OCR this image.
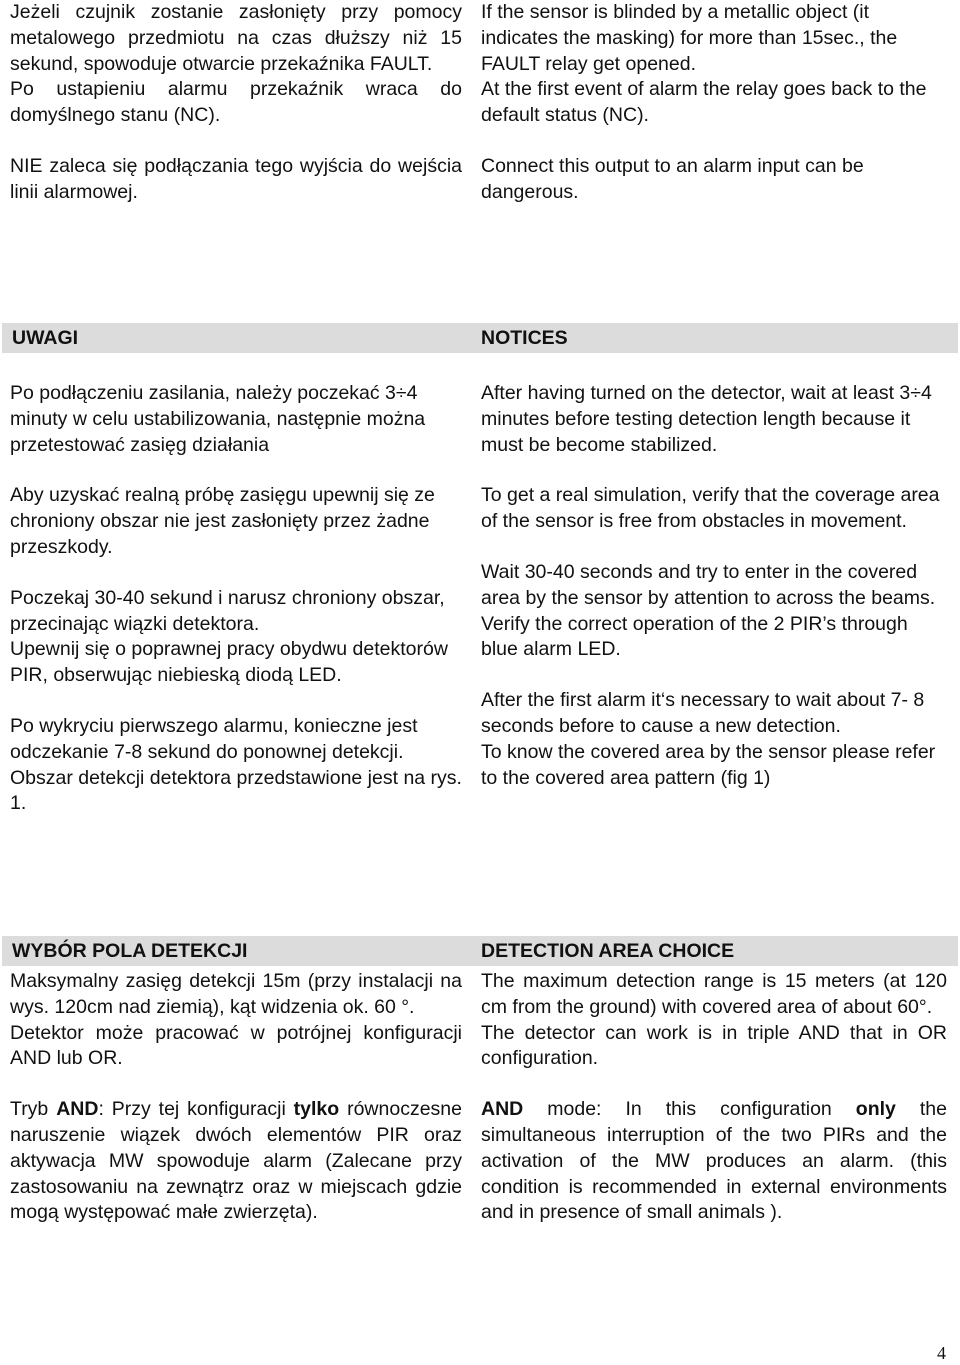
Jeżeli czujnik zostanie zasłonięty przy pomocy metalowego przedmiotu na czas dłuższy niż 15 sekund, spowoduje otwarcie przekaźnika FAULT.

Po ustapieniu alarmu przekaźnik wraca do domyślnego stanu (NC).

NIE zaleca się podłączania tego wyjścia do wejścia linii alarmowej.

If the sensor is blinded by a metallic object (it indicates the masking) for more than 15sec., the FAULT relay get opened.

At the first event of alarm the relay goes back to the default status (NC).

Connect this output to an alarm input can be dangerous.

UWAGI	NOTICES

Po podłączeniu zasilania, należy poczekać 3÷4 minuty w celu ustabilizowania, następnie można przetestować zasięg działania

Aby uzyskać realną próbę zasięgu upewnij się ze chroniony obszar nie jest zasłonięty przez żadne przeszkody.

Poczekaj 30-40 sekund i narusz chroniony obszar, przecinając wiązki detektora.

Upewnij się o poprawnej pracy obydwu detektorów PIR, obserwując niebieską diodą LED.

Po wykryciu pierwszego alarmu, konieczne jest odczekanie 7-8 sekund do ponownej detekcji.

Obszar detekcji detektora przedstawione jest na rys. 1.

After having turned on the detector, wait at least 3÷4 minutes before testing detection length because it must be become stabilized.

To get a real simulation, verify that the coverage area of the sensor is free from obstacles in movement.

Wait 30-40 seconds and try to enter in the covered area by the sensor by attention to across the beams.

Verify the correct operation of the 2 PIR’s through blue alarm LED.

After the first alarm it‘s necessary to wait about 7- 8 seconds before to cause a new detection.

To know the covered area by the sensor please refer to the covered area pattern (fig 1)

WYBÓR POLA DETEKCJI	DETECTION AREA CHOICE

Maksymalny zasięg detekcji 15m (przy instalacji na wys. 120cm nad ziemią), kąt widzenia ok. 60 °.

Detektor może pracować w potrójnej konfiguracji AND lub OR.

Tryb AND: Przy tej konfiguracji tylko równoczesne naruszenie wiązek dwóch elementów PIR oraz aktywacja MW spowoduje alarm (Zalecane przy zastosowaniu na zewnątrz oraz w miejscach gdzie mogą występować małe zwierzęta).

The maximum detection range is 15 meters (at 120 cm from the ground) with covered area of about 60°.

The detector can work is in triple AND that in OR configuration.

AND mode: In this configuration only the simultaneous interruption of the two PIRs and the activation of the MW produces an alarm. (this condition is recommended in external environments and in presence of small animals ).

4
